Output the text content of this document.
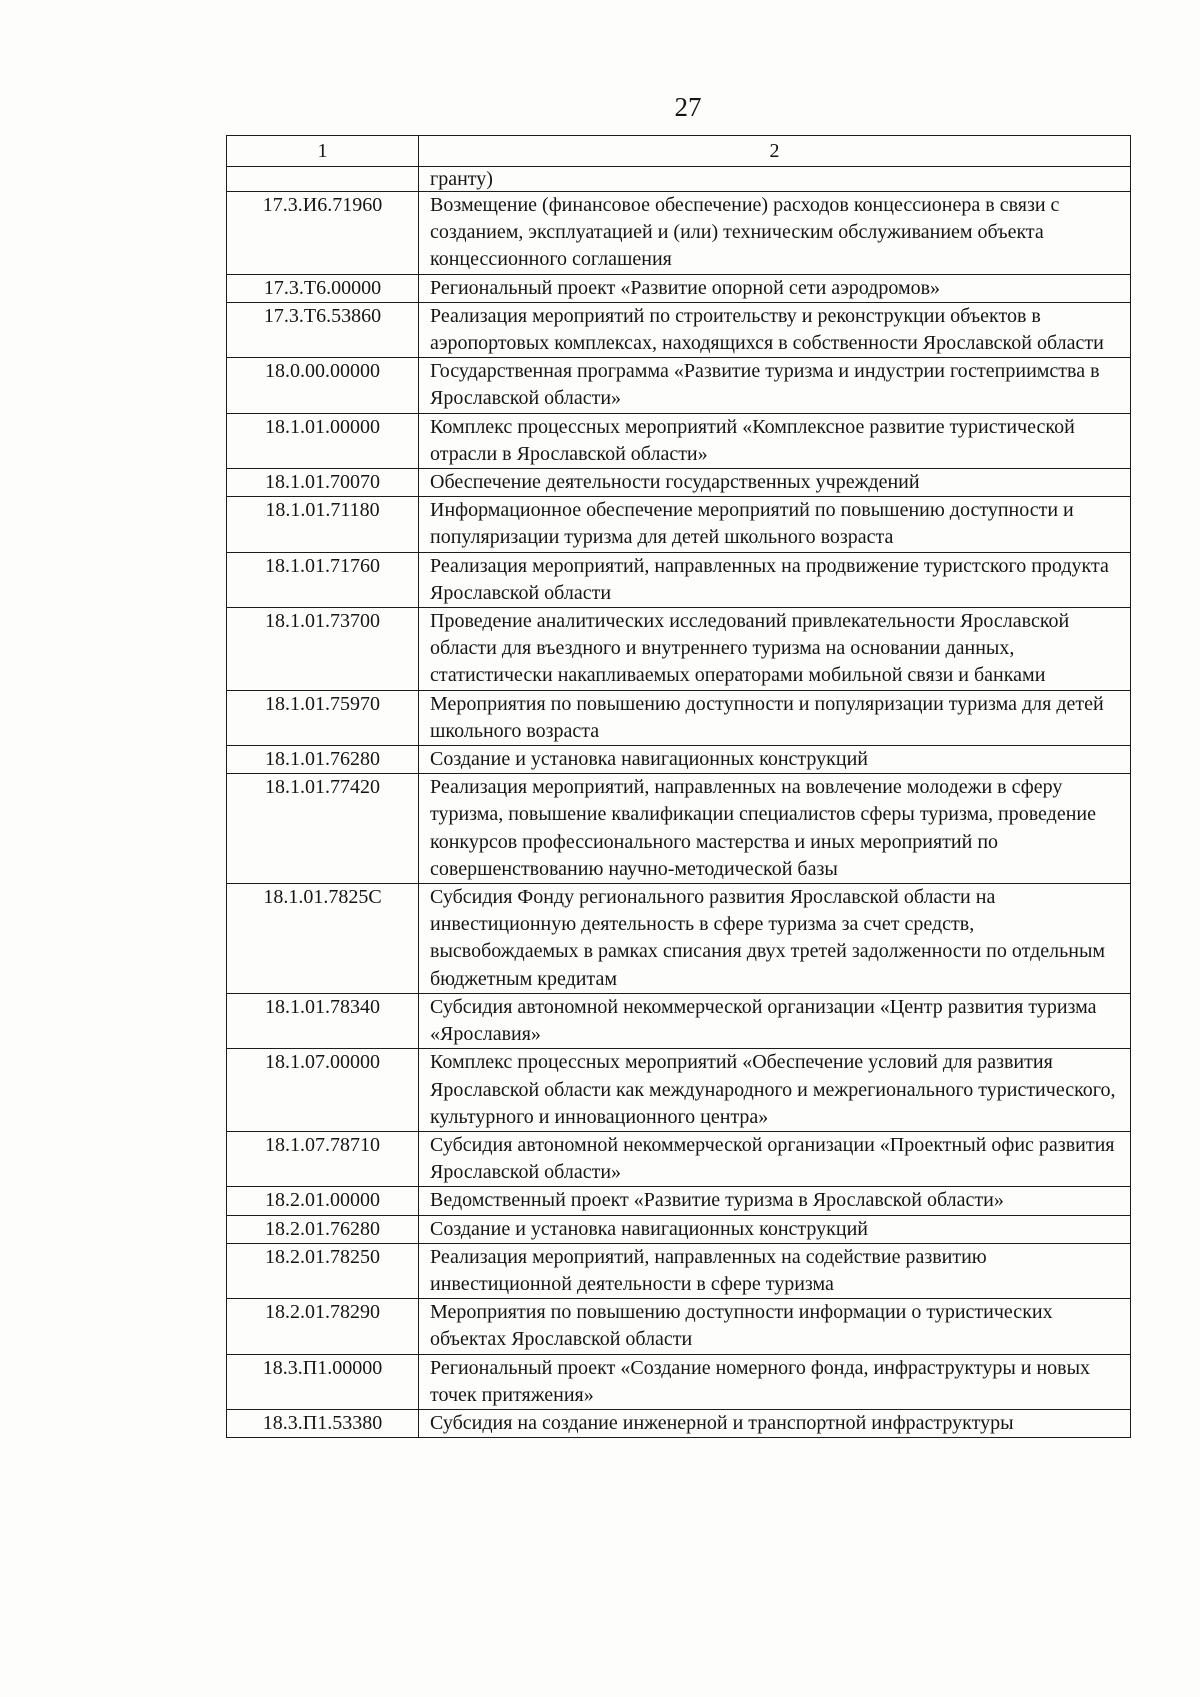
27
1	2
	гранту)
17.3.И6.71960	Возмещение (финансовое обеспечение) расходов концессионера в связи с созданием, эксплуатацией и (или) техническим обслуживанием объекта концессионного соглашения
17.3.Т6.00000	Региональный проект «Развитие опорной сети аэродромов»
17.3.Т6.53860	Реализация мероприятий по строительству и реконструкции объектов в аэропортовых комплексах, находящихся в собственности Ярославской области
18.0.00.00000	Государственная программа «Развитие туризма и индустрии гостеприимства в Ярославской области»
18.1.01.00000	Комплекс процессных мероприятий «Комплексное развитие туристической отрасли в Ярославской области»
18.1.01.70070	Обеспечение деятельности государственных учреждений
18.1.01.71180	Информационное обеспечение мероприятий по повышению доступности и популяризации туризма для детей школьного возраста
18.1.01.71760	Реализация мероприятий, направленных на продвижение туристского продукта Ярославской области
18.1.01.73700	Проведение аналитических исследований привлекательности Ярославской области для въездного и внутреннего туризма на основании данных, статистически накапливаемых операторами мобильной связи и банками
18.1.01.75970	Мероприятия по повышению доступности и популяризации туризма для детей школьного возраста
18.1.01.76280	Создание и установка навигационных конструкций
18.1.01.77420	Реализация мероприятий, направленных на вовлечение молодежи в сферу туризма, повышение квалификации специалистов сферы туризма, проведение конкурсов профессионального мастерства и иных мероприятий по совершенствованию научно-методической базы
18.1.01.7825С	Субсидия Фонду регионального развития Ярославской области на инвестиционную деятельность в сфере туризма за счет средств, высвобождаемых в рамках списания двух третей задолженности по отдельным бюджетным кредитам
18.1.01.78340	Субсидия автономной некоммерческой организации «Центр развития туризма «Ярославия»
18.1.07.00000	Комплекс процессных мероприятий «Обеспечение условий для развития Ярославской области как международного и межрегионального туристического, культурного и инновационного центра»
18.1.07.78710	Субсидия автономной некоммерческой организации «Проектный офис развития Ярославской области»
18.2.01.00000	Ведомственный проект «Развитие туризма в Ярославской области»
18.2.01.76280	Создание и установка навигационных конструкций
18.2.01.78250	Реализация мероприятий, направленных на содействие развитию инвестиционной деятельности в сфере туризма
18.2.01.78290	Мероприятия по повышению доступности информации о туристических объектах Ярославской области
18.3.П1.00000	Региональный проект «Создание номерного фонда, инфраструктуры и новых точек притяжения»
18.3.П1.53380	Субсидия на создание инженерной и транспортной инфраструктуры
